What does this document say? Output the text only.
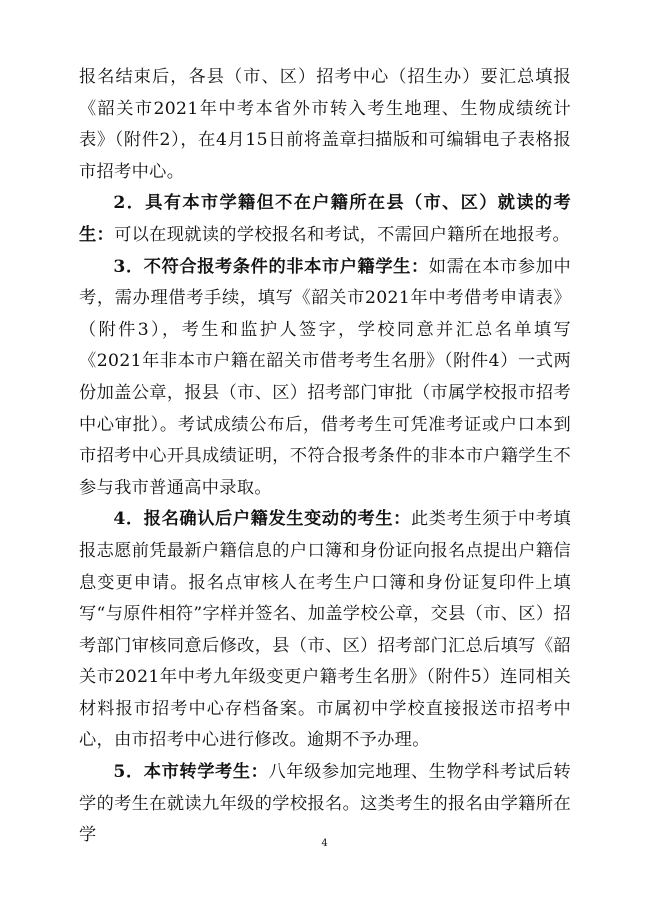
报名结束后，各县（市、区）招考中心（招生办）要汇总填报《韶关市2021年中考本省外市转入考生地理、生物成绩统计表》（附件2），在4月15日前将盖章扫描版和可编辑电子表格报市招考中心。

2．具有本市学籍但不在户籍所在县（市、区）就读的考生：可以在现就读的学校报名和考试，不需回户籍所在地报考。

3．不符合报考条件的非本市户籍学生：如需在本市参加中考，需办理借考手续，填写《韶关市2021年中考借考申请表》（附件3），考生和监护人签字，学校同意并汇总名单填写《2021年非本市户籍在韶关市借考考生名册》（附件4）一式两份加盖公章，报县（市、区）招考部门审批（市属学校报市招考中心审批）。考试成绩公布后，借考考生可凭准考证或户口本到市招考中心开具成绩证明，不符合报考条件的非本市户籍学生不参与我市普通高中录取。

4．报名确认后户籍发生变动的考生：此类考生须于中考填报志愿前凭最新户籍信息的户口簿和身份证向报名点提出户籍信息变更申请。报名点审核人在考生户口簿和身份证复印件上填写“与原件相符”字样并签名、加盖学校公章，交县（市、区）招考部门审核同意后修改，县（市、区）招考部门汇总后填写《韶关市2021年中考九年级变更户籍考生名册》（附件5）连同相关材料报市招考中心存档备案。市属初中学校直接报送市招考中心，由市招考中心进行修改。逾期不予办理。

5．本市转学考生：八年级参加完地理、生物学科考试后转学的考生在就读九年级的学校报名。这类考生的报名由学籍所在学	4
